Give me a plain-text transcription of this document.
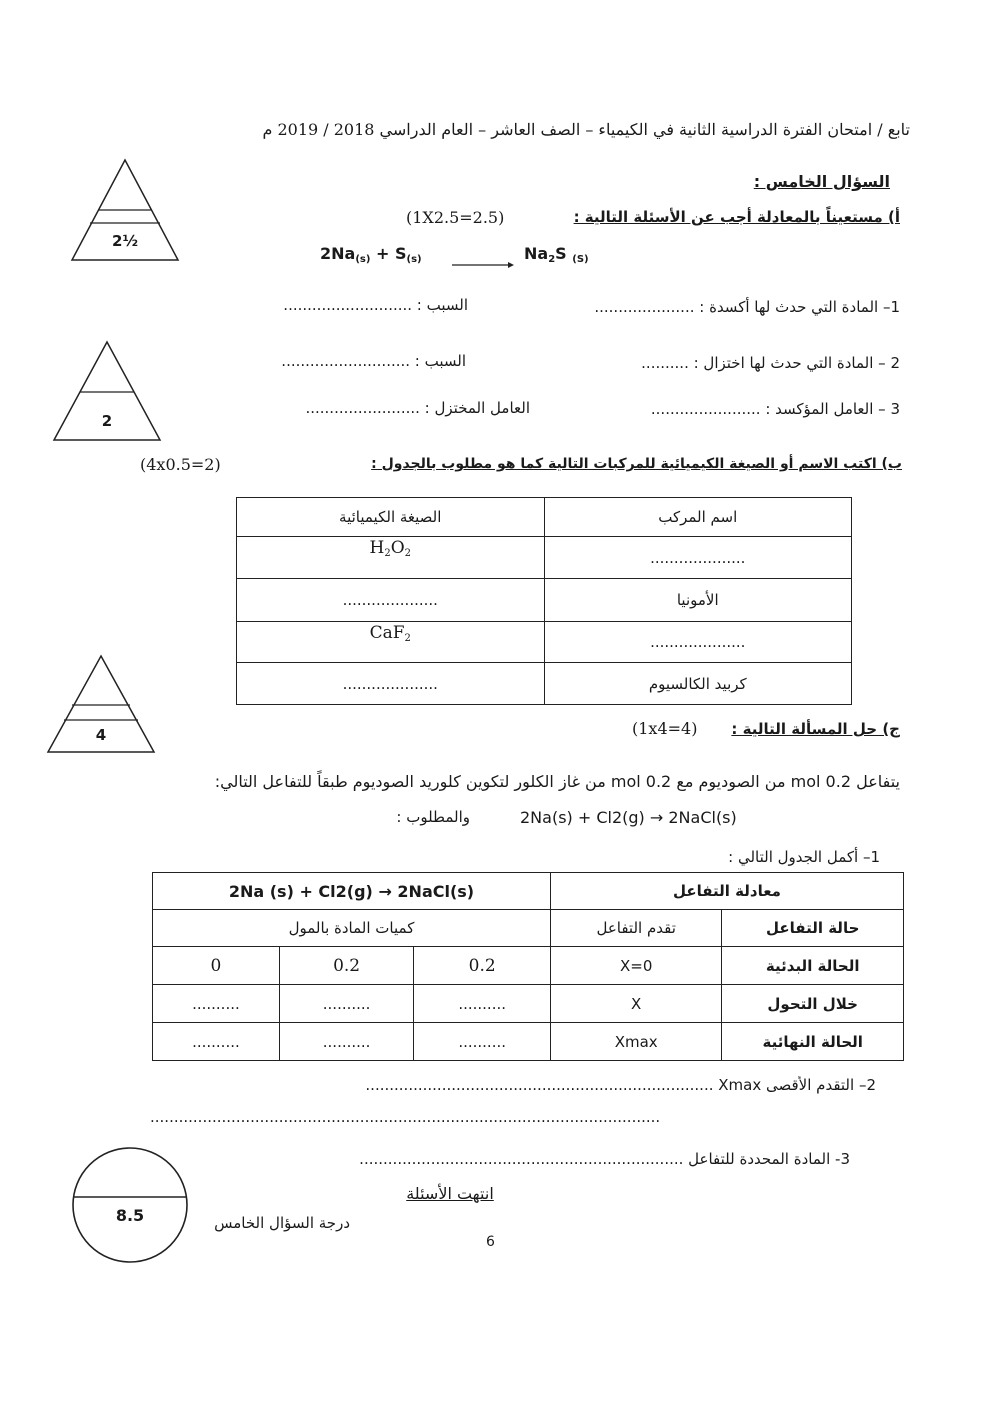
تابع / امتحان الفترة الدراسية الثانية في الكيمياء – الصف العاشر – العام الدراسي 2018 / 2019 م
السؤال الخامس :
2½
أ) مستعيناً بالمعادلة أجب عن الأسئلة التالية :
(1X2.5=2.5)
$2Na_{(s)} + S_{(s)}$	$Na_2S$ $_{(S)}$
1– المادة التي حدث لها أكسدة : .....................
السبب : ...........................
2
2 – المادة التي حدث لها اختزال : ..........
السبب : ...........................
3 – العامل المؤكسد : .......................
العامل المختزل : ........................
ب) اكتب الاسم أو الصيغة الكيميائية للمركبات التالية كما هو مطلوب بالجدول :
(4x0.5=2)
الصيغة الكيميائية	اسم المركب
$H_2O_2$	....................
....................	الأمونيا
CaF$_2$	....................
....................	كربيد الكالسيوم
4	ج) حل المسألة التالية :
(1x4=4)
يتفاعل 0.2 mol من الصوديوم مع 0.2 mol من غاز الكلور لتكوين كلوريد الصوديوم طبقاً للتفاعل التالي:
والمطلوب :	2Na(s) + Cl2(g) → 2NaCl(s)
1– أكمل الجدول التالي :
2Na (s) + Cl2(g) → 2NaCl(s)			معادلة التفاعل	
كميات المادة بالمول			تقدم التفاعل	حالة التفاعل
0	0.2	0.2	X=0	الحالة البدئية
..........	..........	..........	X	خلال التحول
..........	..........	..........	Xmax	الحالة النهائية
2– التقدم الأقصى Xmax .........................................................................
...........................................................................................................
3- المادة المحددة للتفاعل ....................................................................
انتهت الأسئلة
8.5	درجة السؤال الخامس
6
